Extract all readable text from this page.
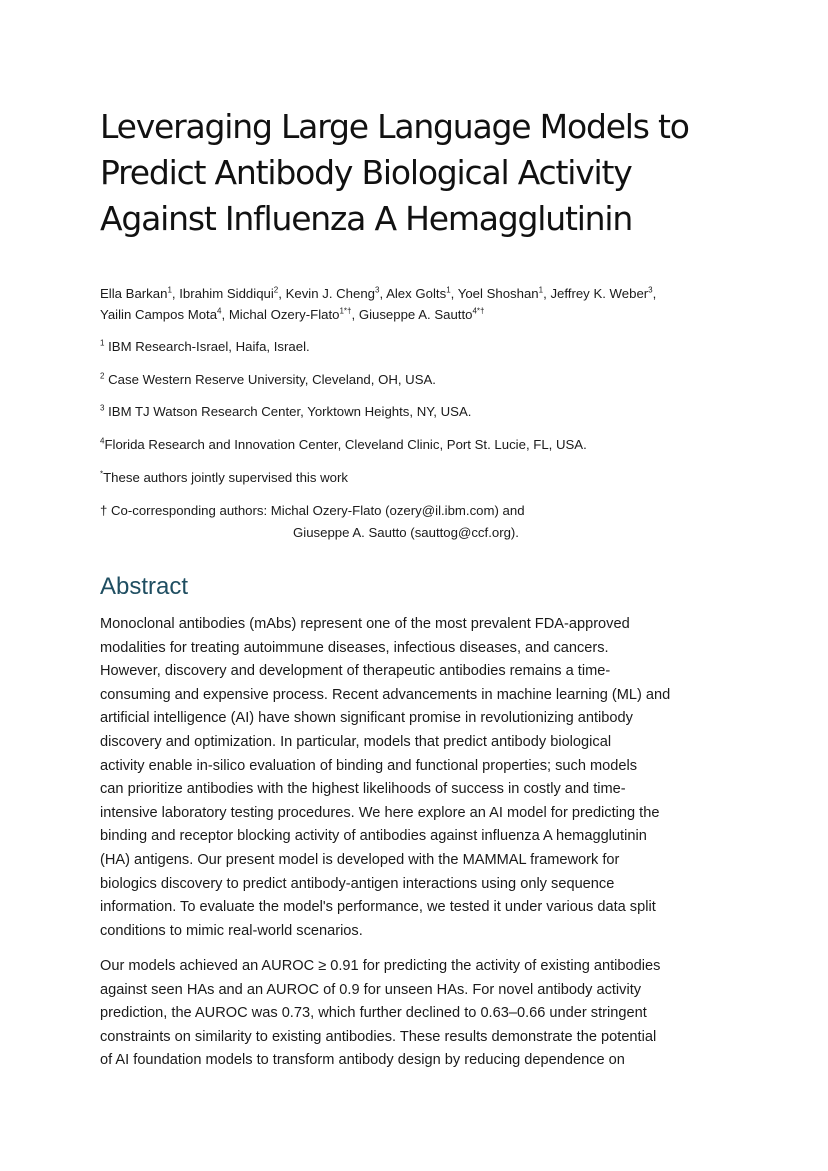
Leveraging Large Language Models to
Predict Antibody Biological Activity
Against Influenza A Hemagglutinin
Ella Barkan$^1$, Ibrahim Siddiqui$^2$, Kevin J. Cheng$^3$, Alex Golts$^1$, Yoel Shoshan$^1$, Jeffrey K. Weber$^3$,
Yailin Campos Mota$^4$, Michal Ozery-Flato$^{1*\dagger}$, Giuseppe A. Sautto$^{4*\dagger}$
$^1$ IBM Research-Israel, Haifa, Israel.
$^2$ Case Western Reserve University, Cleveland, OH, USA.
$^3$ IBM TJ Watson Research Center, Yorktown Heights, NY, USA.
$^4$Florida Research and Innovation Center, Cleveland Clinic, Port St. Lucie, FL, USA.
*These authors jointly supervised this work
† Co-corresponding authors: Michal Ozery-Flato (ozery@il.ibm.com) and
Giuseppe A. Sautto (sauttog@ccf.org).
Abstract

Monoclonal antibodies (mAbs) represent one of the most prevalent FDA-approved
modalities for treating autoimmune diseases, infectious diseases, and cancers.
However, discovery and development of therapeutic antibodies remains a time-
consuming and expensive process. Recent advancements in machine learning (ML) and
artificial intelligence (AI) have shown significant promise in revolutionizing antibody
discovery and optimization. In particular, models that predict antibody biological
activity enable in-silico evaluation of binding and functional properties; such models
can prioritize antibodies with the highest likelihoods of success in costly and time-
intensive laboratory testing procedures. We here explore an AI model for predicting the
binding and receptor blocking activity of antibodies against influenza A hemagglutinin
(HA) antigens. Our present model is developed with the MAMMAL framework for
biologics discovery to predict antibody-antigen interactions using only sequence
information. To evaluate the model's performance, we tested it under various data split
conditions to mimic real-world scenarios.

Our models achieved an AUROC ≥ 0.91 for predicting the activity of existing antibodies
against seen HAs and an AUROC of 0.9 for unseen HAs. For novel antibody activity
prediction, the AUROC was 0.73, which further declined to 0.63–0.66 under stringent
constraints on similarity to existing antibodies. These results demonstrate the potential
of AI foundation models to transform antibody design by reducing dependence on
